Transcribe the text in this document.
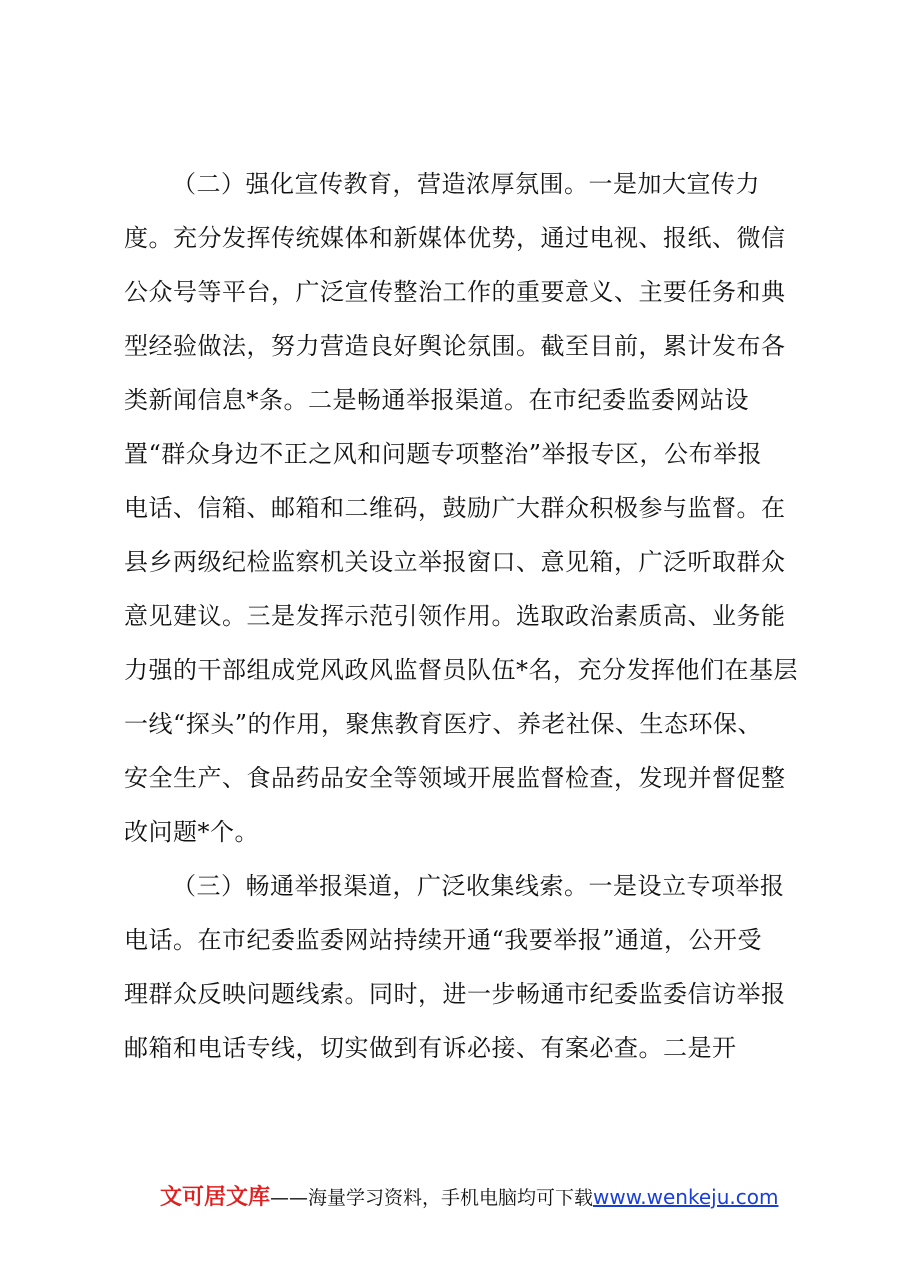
（二）强化宣传教育，营造浓厚氛围。一是加大宣传力
度。充分发挥传统媒体和新媒体优势，通过电视、报纸、微信
公众号等平台，广泛宣传整治工作的重要意义、主要任务和典
型经验做法，努力营造良好舆论氛围。截至目前，累计发布各
类新闻信息*条。二是畅通举报渠道。在市纪委监委网站设
置“群众身边不正之风和问题专项整治”举报专区，公布举报
电话、信箱、邮箱和二维码，鼓励广大群众积极参与监督。在
县乡两级纪检监察机关设立举报窗口、意见箱，广泛听取群众
意见建议。三是发挥示范引领作用。选取政治素质高、业务能
力强的干部组成党风政风监督员队伍*名，充分发挥他们在基层
一线“探头”的作用，聚焦教育医疗、养老社保、生态环保、
安全生产、食品药品安全等领域开展监督检查，发现并督促整
改问题*个。
（三）畅通举报渠道，广泛收集线索。一是设立专项举报
电话。在市纪委监委网站持续开通“我要举报”通道，公开受
理群众反映问题线索。同时，进一步畅通市纪委监委信访举报
邮箱和电话专线，切实做到有诉必接、有案必查。二是开
文可居文库——海量学习资料，手机电脑均可下载www.wenkeju.com
